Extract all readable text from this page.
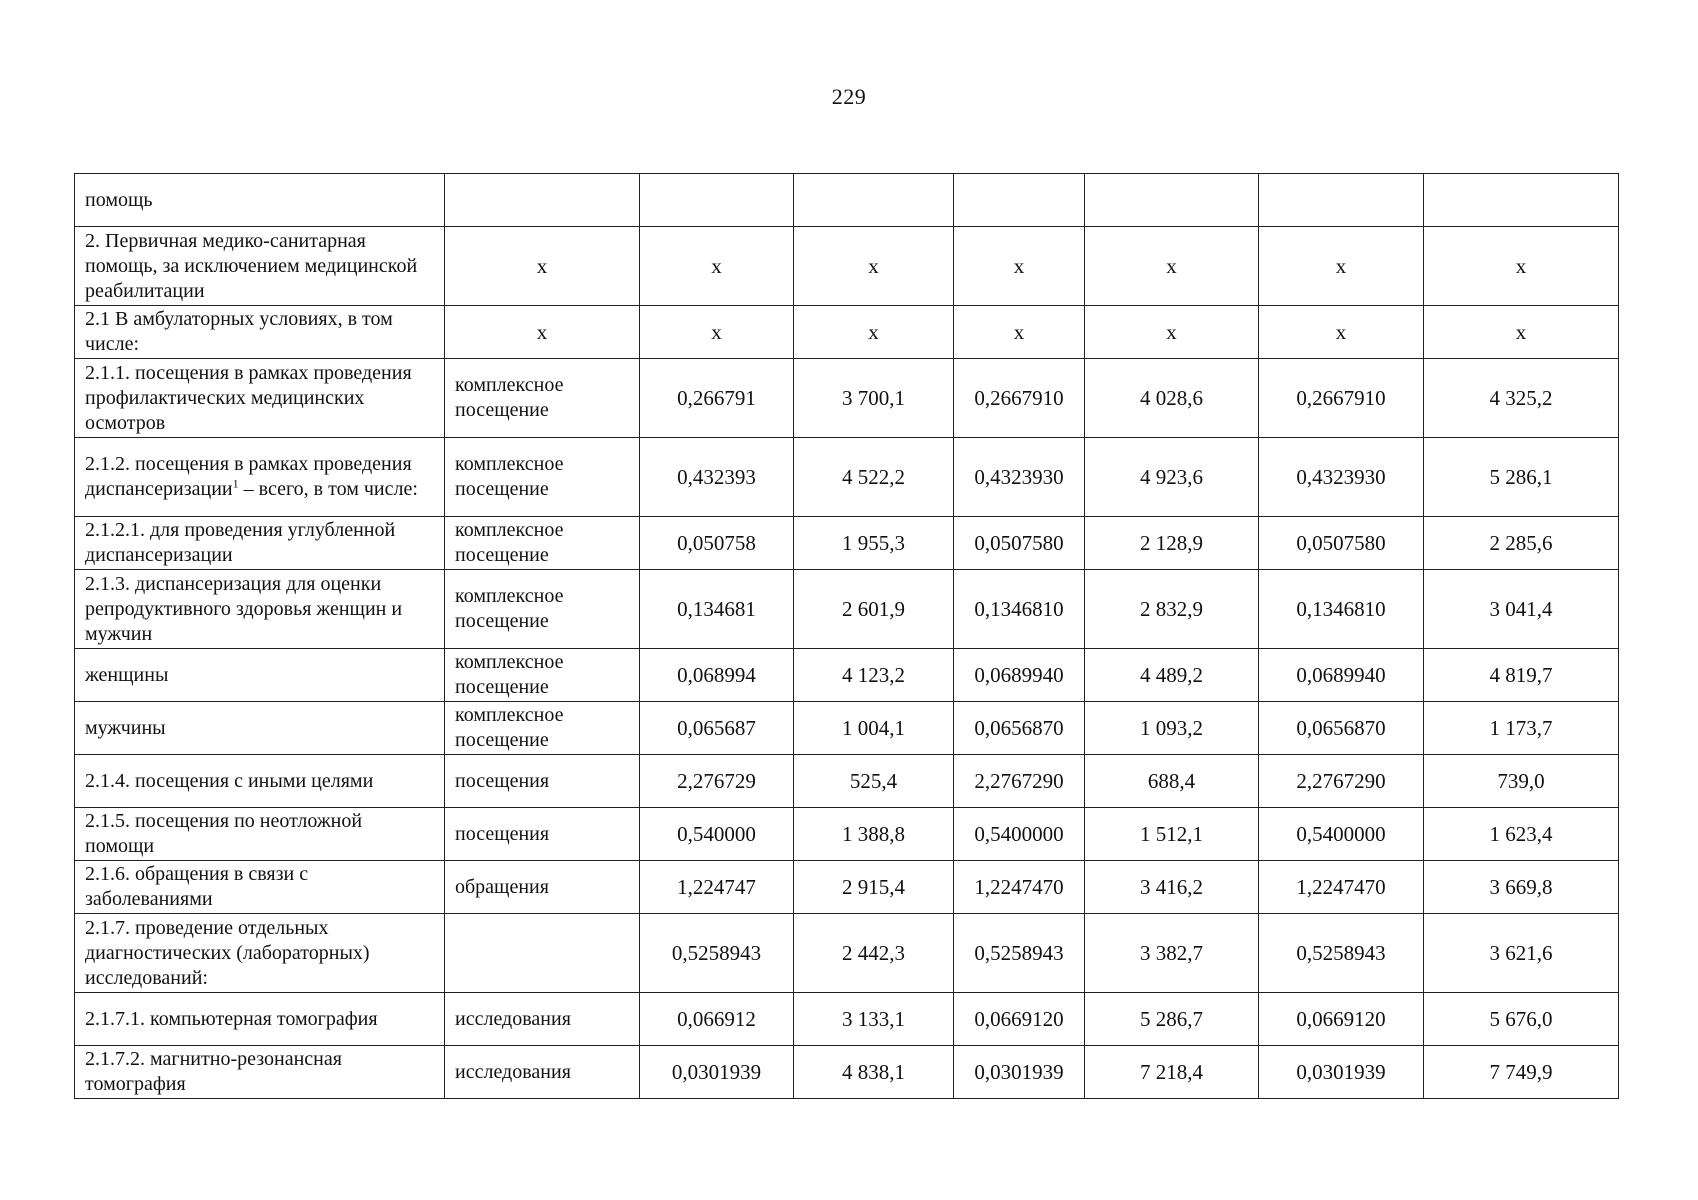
229
помощь							
2. Первичная медико-санитарная помощь, за исключением медицинской реабилитации	х	х	х	х	х	х	х
2.1 В амбулаторных условиях, в том числе:	х	х	х	х	х	х	х
2.1.1. посещения в рамках проведения профилактических медицинских осмотров	комплексное посещение	0,266791	3 700,1	0,2667910	4 028,6	0,2667910	4 325,2
2.1.2. посещения в рамках проведения диспансеризации$^1$ – всего, в том числе:	комплексное посещение	0,432393	4 522,2	0,4323930	4 923,6	0,4323930	5 286,1
2.1.2.1. для проведения углубленной диспансеризации	комплексное посещение	0,050758	1 955,3	0,0507580	2 128,9	0,0507580	2 285,6
2.1.3. диспансеризация для оценки репродуктивного здоровья женщин и мужчин	комплексное посещение	0,134681	2 601,9	0,1346810	2 832,9	0,1346810	3 041,4
женщины	комплексное посещение	0,068994	4 123,2	0,0689940	4 489,2	0,0689940	4 819,7
мужчины	комплексное посещение	0,065687	1 004,1	0,0656870	1 093,2	0,0656870	1 173,7
2.1.4. посещения с иными целями	посещения	2,276729	525,4	2,2767290	688,4	2,2767290	739,0
2.1.5. посещения по неотложной помощи	посещения	0,540000	1 388,8	0,5400000	1 512,1	0,5400000	1 623,4
2.1.6. обращения в связи с заболеваниями	обращения	1,224747	2 915,4	1,2247470	3 416,2	1,2247470	3 669,8
2.1.7. проведение отдельных диагностических (лабораторных) исследований:		0,5258943	2 442,3	0,5258943	3 382,7	0,5258943	3 621,6
2.1.7.1. компьютерная томография	исследования	0,066912	3 133,1	0,0669120	5 286,7	0,0669120	5 676,0
2.1.7.2. магнитно-резонансная томография	исследования	0,0301939	4 838,1	0,0301939	7 218,4	0,0301939	7 749,9
